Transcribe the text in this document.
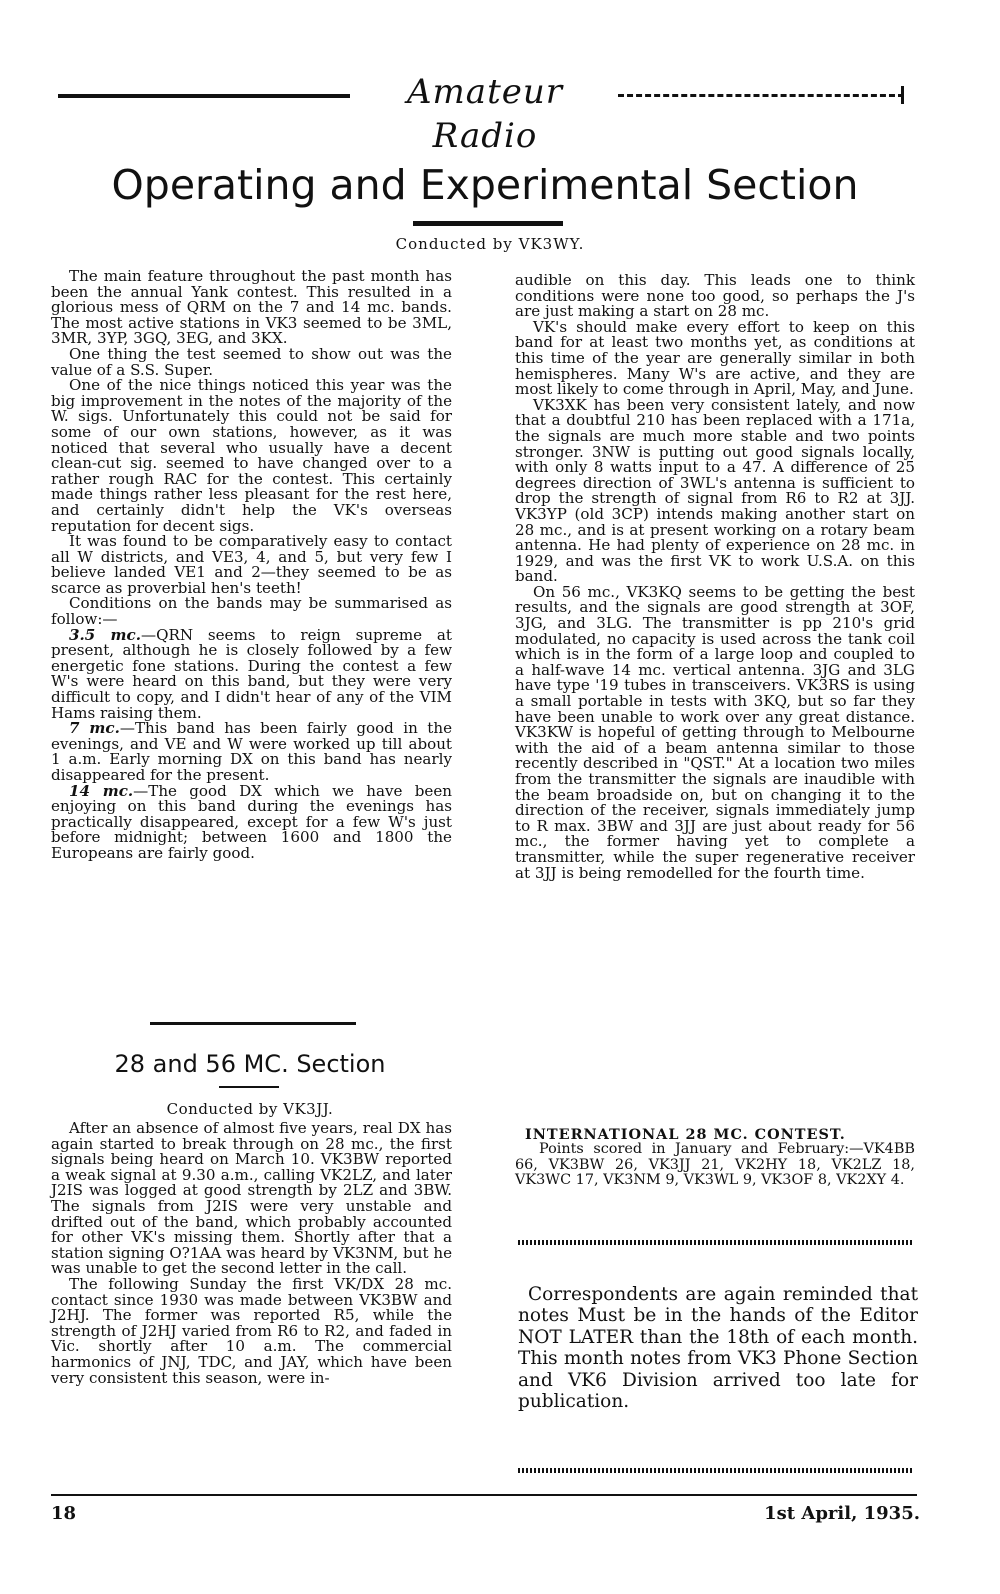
Amateur Radio
Operating and Experimental Section
Conducted by VK3WY.

The main feature throughout the past month has been the annual Yank contest. This resulted in a glorious mess of QRM on the 7 and 14 mc. bands. The most active stations in VK3 seemed to be 3ML, 3MR, 3YP, 3GQ, 3EG, and 3KX.

One thing the test seemed to show out was the value of a S.S. Super.

One of the nice things noticed this year was the big improvement in the notes of the majority of the W. sigs. Unfortunately this could not be said for some of our own stations, however, as it was noticed that several who usually have a decent clean-cut sig. seemed to have changed over to a rather rough RAC for the contest. This certainly made things rather less pleasant for the rest here, and certainly didn't help the VK's overseas reputation for decent sigs.

It was found to be comparatively easy to contact all W districts, and VE3, 4, and 5, but very few I believe landed VE1 and 2—they seemed to be as scarce as proverbial hen's teeth!

Conditions on the bands may be summarised as follow:—

3.5 mc.—QRN seems to reign supreme at present, although he is closely followed by a few energetic fone stations. During the contest a few W's were heard on this band, but they were very difficult to copy, and I didn't hear of any of the VIM Hams raising them.

7 mc.—This band has been fairly good in the evenings, and VE and W were worked up till about 1 a.m. Early morning DX on this band has nearly disappeared for the present.

14 mc.—The good DX which we have been enjoying on this band during the evenings has practically disappeared, except for a few W's just before midnight; between 1600 and 1800 the Europeans are fairly good.

28 and 56 MC. Section
Conducted by VK3JJ.

After an absence of almost five years, real DX has again started to break through on 28 mc., the first signals being heard on March 10. VK3BW reported a weak signal at 9.30 a.m., calling VK2LZ, and later J2IS was logged at good strength by 2LZ and 3BW. The signals from J2IS were very unstable and drifted out of the band, which probably accounted for other VK's missing them. Shortly after that a station signing O?1AA was heard by VK3NM, but he was unable to get the second letter in the call.

The following Sunday the first VK/DX 28 mc. contact since 1930 was made between VK3BW and J2HJ. The former was reported R5, while the strength of J2HJ varied from R6 to R2, and faded in Vic. shortly after 10 a.m. The commercial harmonics of JNJ, TDC, and JAY, which have been very consistent this season, were in-

audible on this day. This leads one to think conditions were none too good, so perhaps the J's are just making a start on 28 mc.

VK's should make every effort to keep on this band for at least two months yet, as conditions at this time of the year are generally similar in both hemispheres. Many W's are active, and they are most likely to come through in April, May, and June.

VK3XK has been very consistent lately, and now that a doubtful 210 has been replaced with a 171a, the signals are much more stable and two points stronger. 3NW is putting out good signals locally, with only 8 watts input to a 47. A difference of 25 degrees direction of 3WL's antenna is sufficient to drop the strength of signal from R6 to R2 at 3JJ. VK3YP (old 3CP) intends making another start on 28 mc., and is at present working on a rotary beam antenna. He had plenty of experience on 28 mc. in 1929, and was the first VK to work U.S.A. on this band.

On 56 mc., VK3KQ seems to be getting the best results, and the signals are good strength at 3OF, 3JG, and 3LG. The transmitter is pp 210's grid modulated, no capacity is used across the tank coil which is in the form of a large loop and coupled to a half-wave 14 mc. vertical antenna. 3JG and 3LG have type '19 tubes in transceivers. VK3RS is using a small portable in tests with 3KQ, but so far they have been unable to work over any great distance. VK3KW is hopeful of getting through to Melbourne with the aid of a beam antenna similar to those recently described in "QST." At a location two miles from the transmitter the signals are inaudible with the beam broadside on, but on changing it to the direction of the receiver, signals immediately jump to R max. 3BW and 3JJ are just about ready for 56 mc., the former having yet to complete a transmitter, while the super regenerative receiver at 3JJ is being remodelled for the fourth time.

INTERNATIONAL 28 MC. CONTEST.

Points scored in January and February:—VK4BB 66, VK3BW 26, VK3JJ 21, VK2HY 18, VK2LZ 18, VK3WC 17, VK3NM 9, VK3WL 9, VK3OF 8, VK2XY 4.

Correspondents are again reminded that notes Must be in the hands of the Editor NOT LATER than the 18th of each month. This month notes from VK3 Phone Section and VK6 Division arrived too late for publication.

18	1st April, 1935.
